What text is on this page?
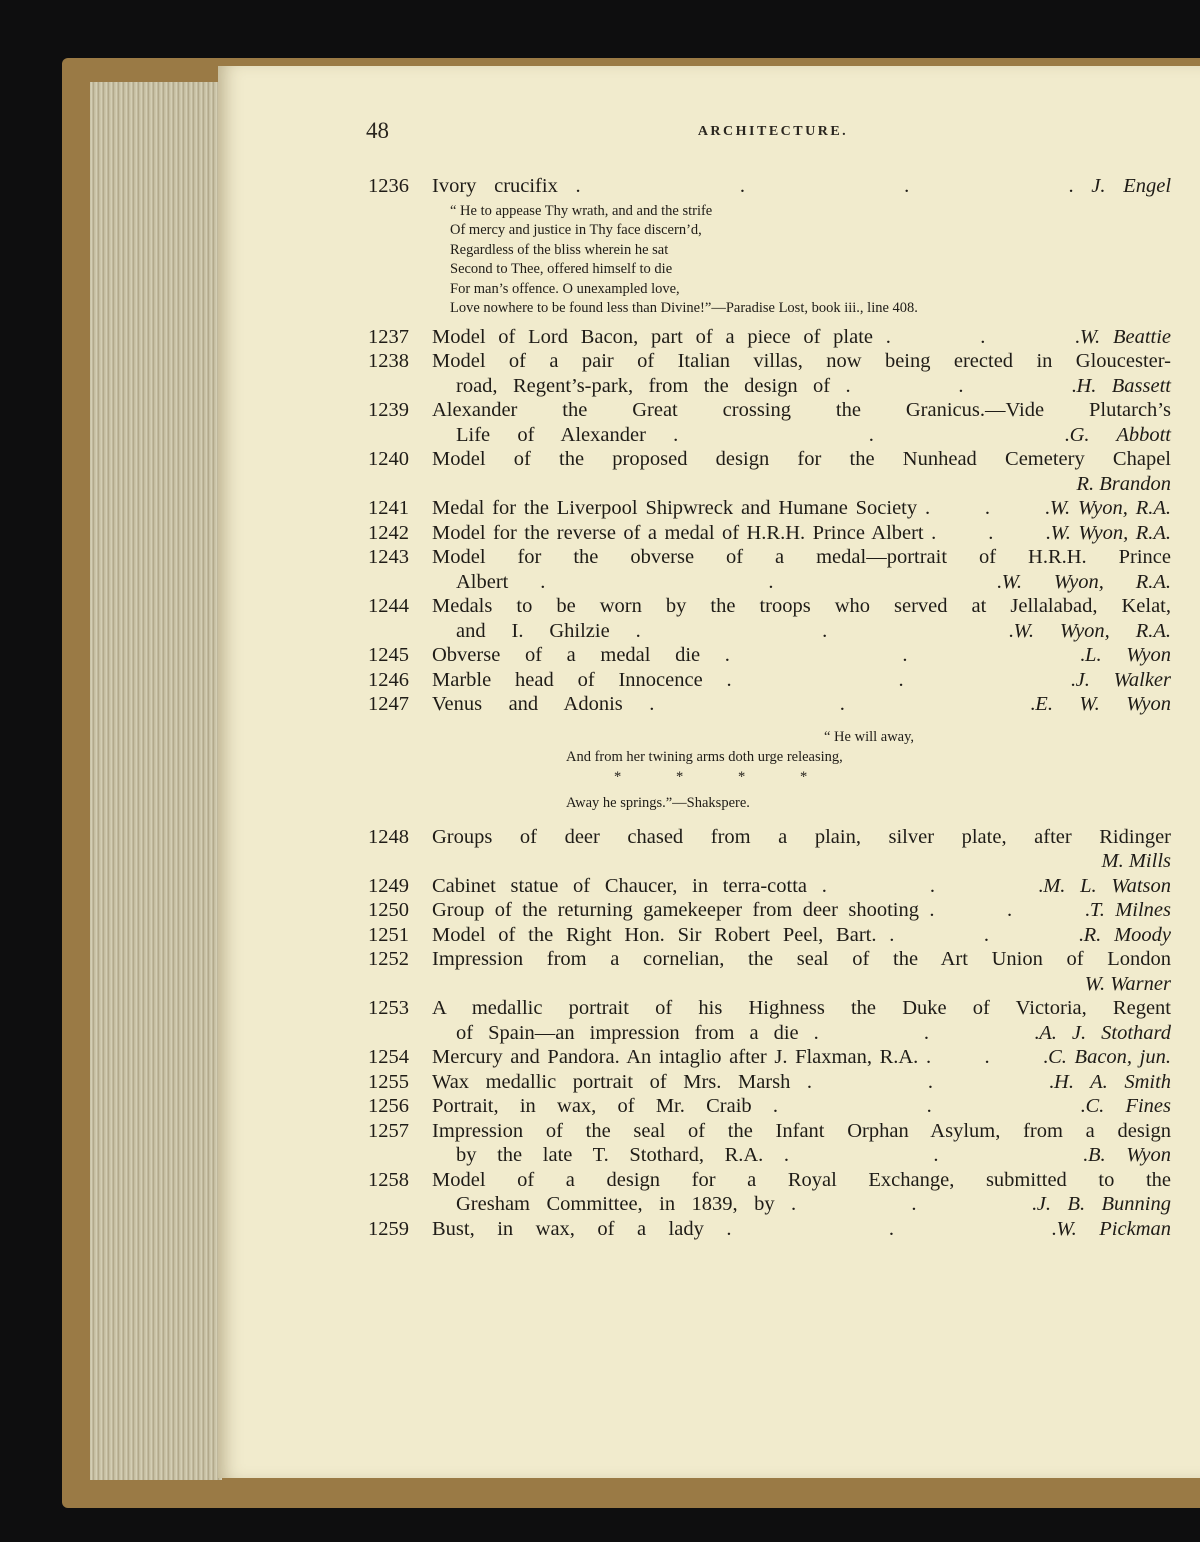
48	ARCHITECTURE.
1236	Ivory crucifix .         .         .         . J. Engel
“ He to appease Thy wrath, and and the strife
Of mercy and justice in Thy face discern’d,
Regardless of the bliss wherein he sat
Second to Thee, offered himself to die
For man’s offence. O unexampled love,
Love nowhere to be found less than Divine!”—Paradise Lost, book iii., line 408.
1237	Model of Lord Bacon, part of a piece of plate .       .       .W. Beattie
1238	Model of a pair of Italian villas, now being erected in Gloucester-
road, Regent’s-park, from the design of .       .       .H. Bassett
1239	Alexander the Great crossing the Granicus.—Vide Plutarch’s
Life of Alexander .       .       .G. Abbott
1240	Model of the proposed design for the Nunhead Cemetery Chapel
R. Brandon
1241	Medal for the Liverpool Shipwreck and Humane Society .       .       .W. Wyon, R.A.
1242	Model for the reverse of a medal of H.R.H. Prince Albert .       .       .W. Wyon, R.A.
1243	Model for the obverse of a medal—portrait of H.R.H. Prince
Albert .       .       .W. Wyon, R.A.
1244	Medals to be worn by the troops who served at Jellalabad, Kelat,
and I. Ghilzie .       .       .W. Wyon, R.A.
1245	Obverse of a medal die .       .       .L. Wyon
1246	Marble head of Innocence .       .       .J. Walker
1247	Venus and Adonis .       .       .E. W. Wyon
“ He will away,
And from her twining arms doth urge releasing,
*	*	*	*
Away he springs.”—Shakspere.
1248	Groups of deer chased from a plain, silver plate, after Ridinger
M. Mills
1249	Cabinet statue of Chaucer, in terra-cotta .       .       .M. L. Watson
1250	Group of the returning gamekeeper from deer shooting .       .       .T. Milnes
1251	Model of the Right Hon. Sir Robert Peel, Bart. .       .       .R. Moody
1252	Impression from a cornelian, the seal of the Art Union of London
W. Warner
1253	A medallic portrait of his Highness the Duke of Victoria, Regent
of Spain—an impression from a die .       .       .A. J. Stothard
1254	Mercury and Pandora. An intaglio after J. Flaxman, R.A. .       .       .C. Bacon, jun.
1255	Wax medallic portrait of Mrs. Marsh .       .       .H. A. Smith
1256	Portrait, in wax, of Mr. Craib .       .       .C. Fines
1257	Impression of the seal of the Infant Orphan Asylum, from a design
by the late T. Stothard, R.A. .       .       .B. Wyon
1258	Model of a design for a Royal Exchange, submitted to the
Gresham Committee, in 1839, by .       .       .J. B. Bunning
1259	Bust, in wax, of a lady .       .       .W. Pickman
